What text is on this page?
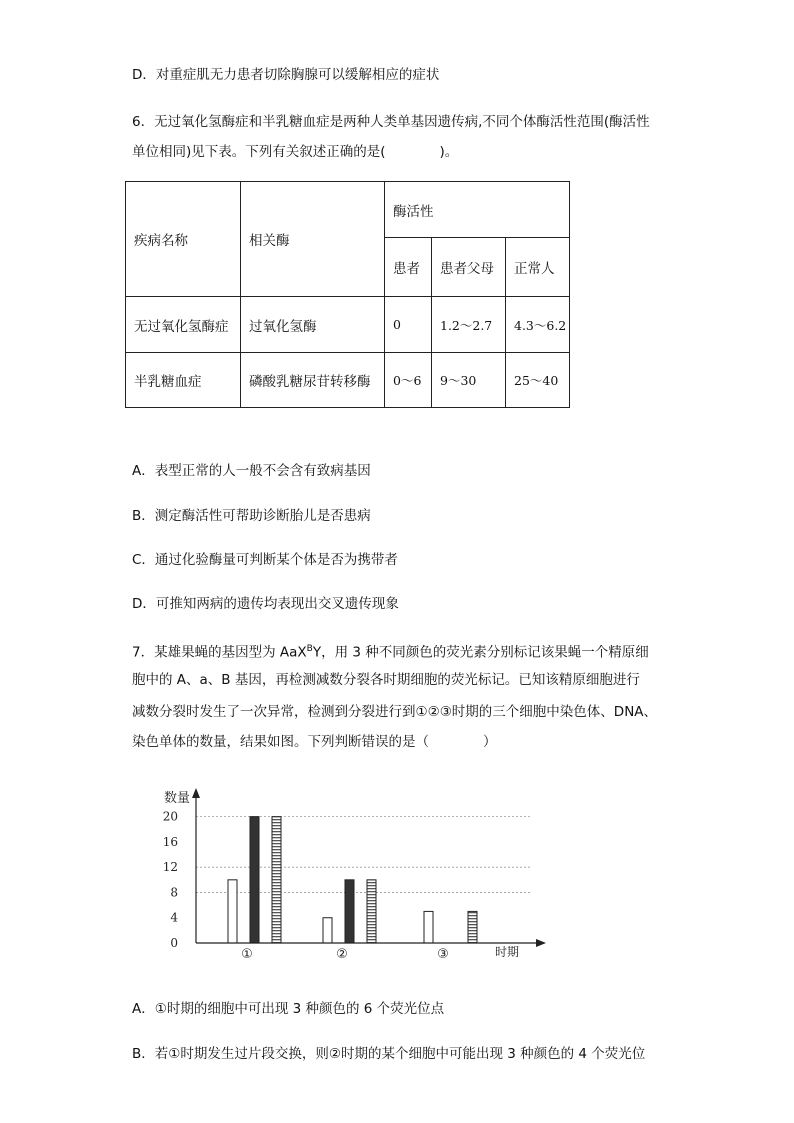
D．对重症肌无力患者切除胸腺可以缓解相应的症状
6．无过氧化氢酶症和半乳糖血症是两种人类单基因遗传病,不同个体酶活性范围(酶活性
单位相同)见下表。下列有关叙述正确的是(　　　　)。
疾病名称	相关酶	酶活性		
		患者	患者父母	正常人
无过氧化氢酶症	过氧化氢酶	0	1.2～2.7	4.3～6.2
半乳糖血症	磷酸乳糖尿苷转移酶	0～6	9～30	25～40
A．表型正常的人一般不会含有致病基因
B．测定酶活性可帮助诊断胎儿是否患病
C．通过化验酶量可判断某个体是否为携带者
D．可推知两病的遗传均表现出交叉遗传现象
7．某雄果蝇的基因型为 AaX$^B$Y，用 3 种不同颜色的荧光素分别标记该果蝇一个精原细
胞中的 A、a、B 基因，再检测减数分裂各时期细胞的荧光标记。已知该精原细胞进行
减数分裂时发生了一次异常，检测到分裂进行到①②③时期的三个细胞中染色体、DNA、
染色单体的数量，结果如图。下列判断错误的是（　　　　）
0
4
8
12
16
20
数量
时期
①	②	③
A．①时期的细胞中可出现 3 种颜色的 6 个荧光位点
B．若①时期发生过片段交换，则②时期的某个细胞中可能出现 3 种颜色的 4 个荧光位
